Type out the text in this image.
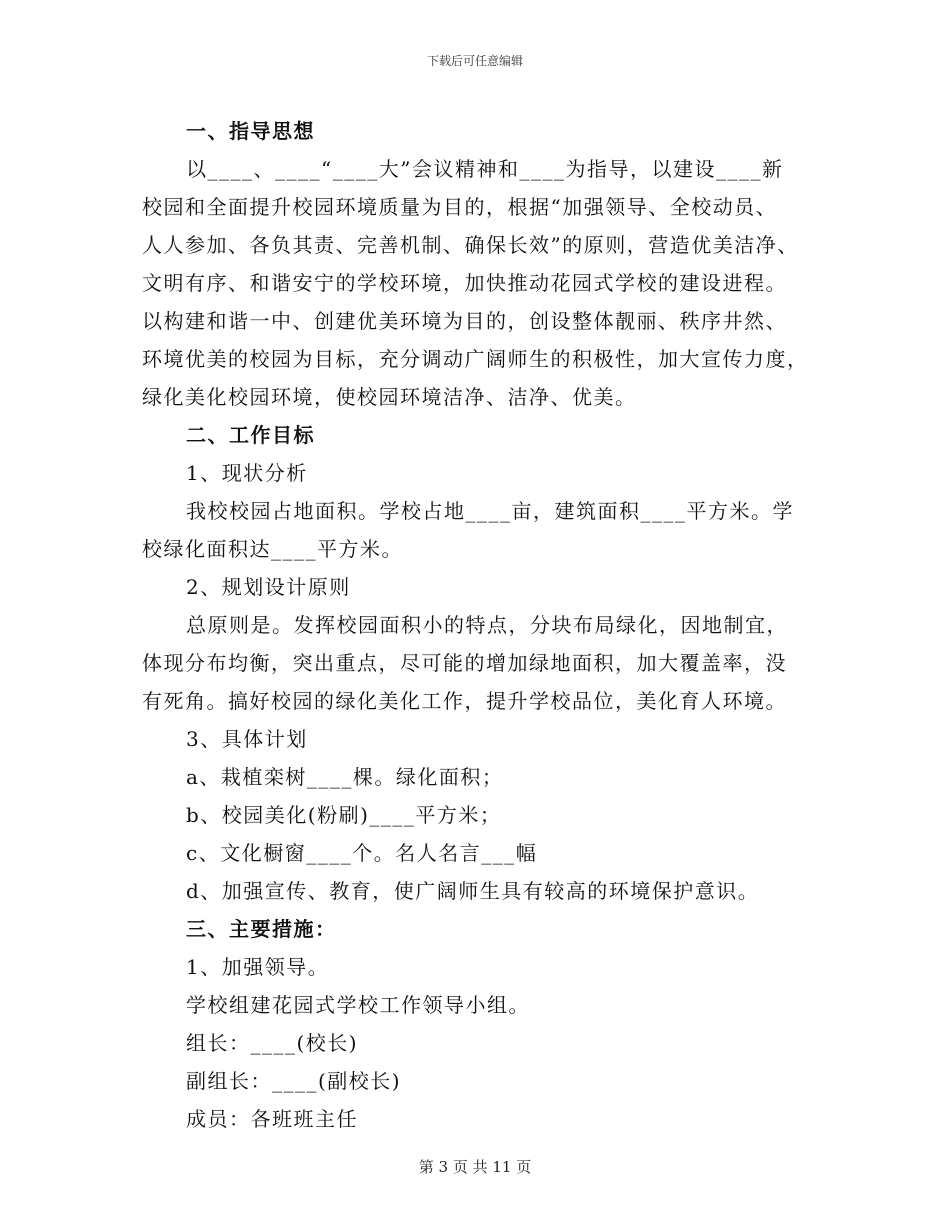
下载后可任意编辑
一、指导思想
以____、____“____大”会议精神和____为指导，以建设____新
校园和全面提升校园环境质量为目的，根据“加强领导、全校动员、
人人参加、各负其责、完善机制、确保长效”的原则，营造优美洁净、
文明有序、和谐安宁的学校环境，加快推动花园式学校的建设进程。
以构建和谐一中、创建优美环境为目的，创设整体靓丽、秩序井然、
环境优美的校园为目标，充分调动广阔师生的积极性，加大宣传力度，
绿化美化校园环境，使校园环境洁净、洁净、优美。
二、工作目标
1、现状分析
我校校园占地面积。学校占地____亩，建筑面积____平方米。学
校绿化面积达____平方米。
2、规划设计原则
总原则是。发挥校园面积小的特点，分块布局绿化，因地制宜，
体现分布均衡，突出重点，尽可能的增加绿地面积，加大覆盖率，没
有死角。搞好校园的绿化美化工作，提升学校品位，美化育人环境。
3、具体计划
a、栽植栾树____棵。绿化面积；
b、校园美化(粉刷)____平方米；
c、文化橱窗____个。名人名言___幅
d、加强宣传、教育，使广阔师生具有较高的环境保护意识。
三、主要措施：
1、加强领导。
学校组建花园式学校工作领导小组。
组长：____(校长)
副组长：____(副校长)
成员：各班班主任
第 3 页 共 11 页
